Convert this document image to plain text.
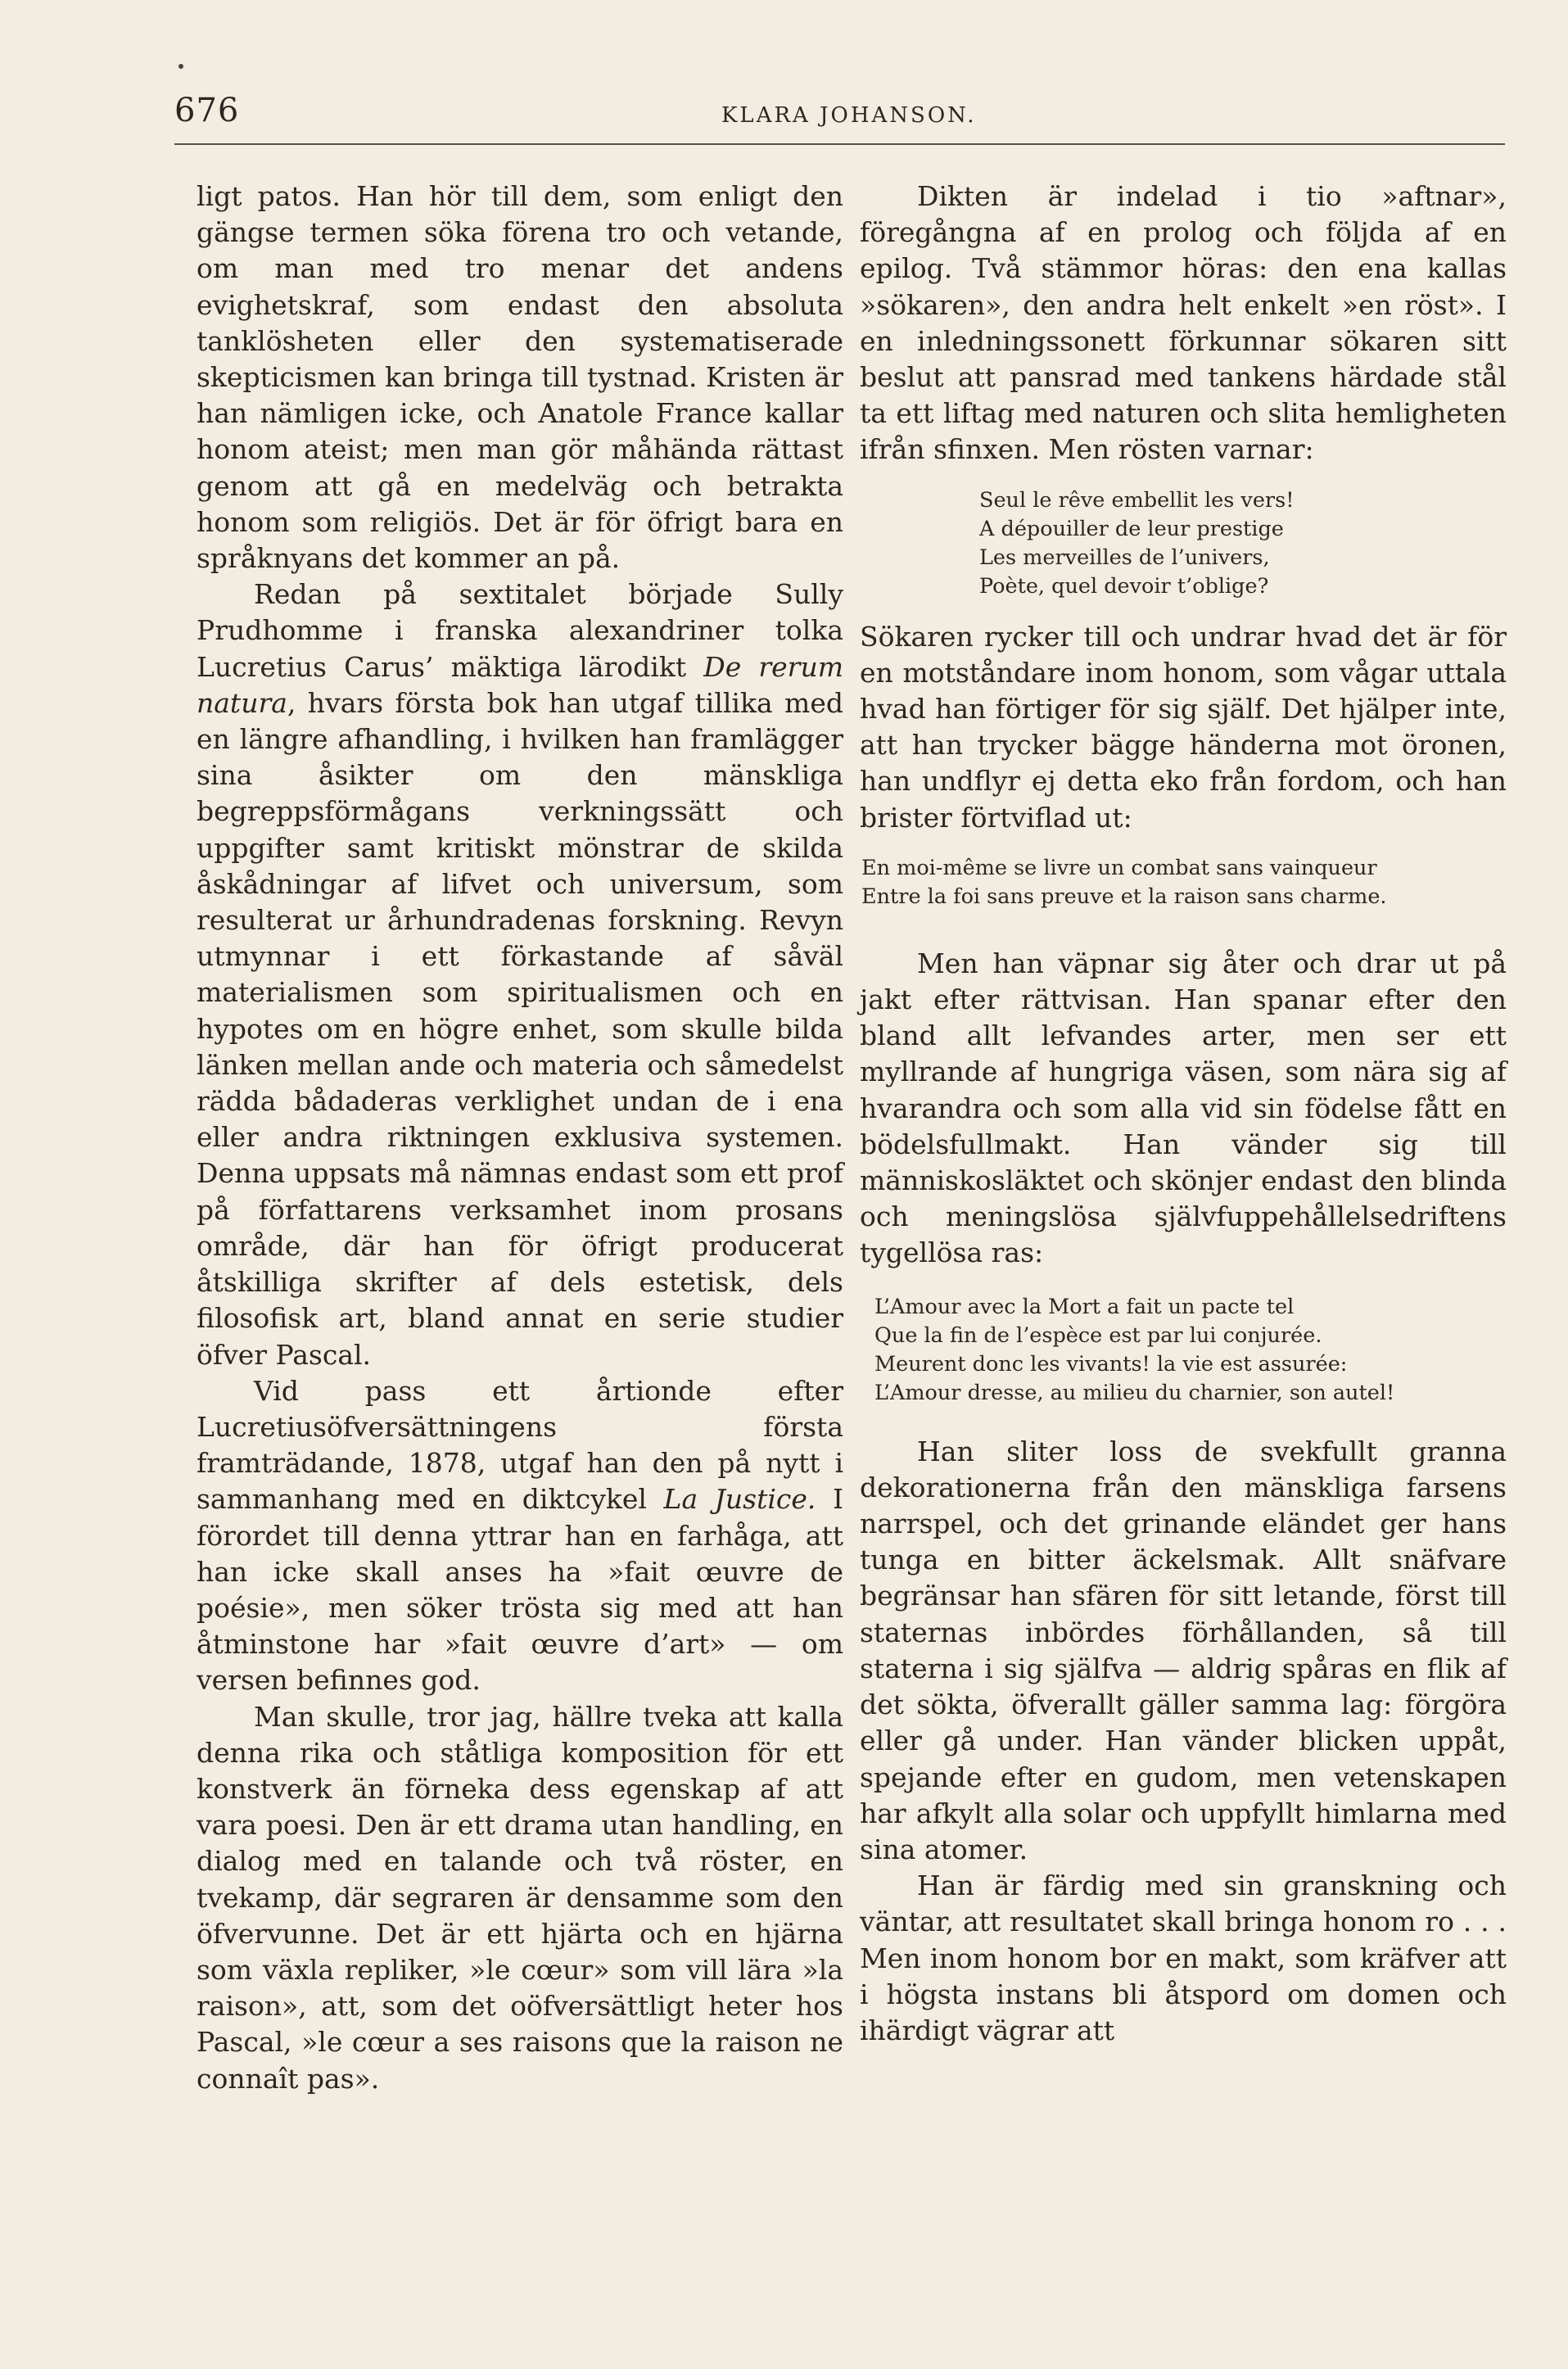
676	KLARA JOHANSON.

ligt patos. Han hör till dem, som enligt den gängse termen söka förena tro och vetande, om man med tro menar det andens evighetskraf, som endast den absoluta tanklösheten eller den systematiserade skepticismen kan bringa till tystnad. Kristen är han nämligen icke, och Anatole France kallar honom ateist; men man gör måhända rättast genom att gå en medelväg och betrakta honom som religiös. Det är för öfrigt bara en språknyans det kommer an på.

Redan på sextitalet började Sully Prudhomme i franska alexandriner tolka Lucretius Carus’ mäktiga lärodikt De rerum natura, hvars första bok han utgaf tillika med en längre afhandling, i hvilken han framlägger sina åsikter om den mänskliga begreppsförmågans verkningssätt och uppgifter samt kritiskt mönstrar de skilda åskådningar af lifvet och universum, som resulterat ur århundradenas forskning. Revyn utmynnar i ett förkastande af såväl materialismen som spiritualismen och en hypotes om en högre enhet, som skulle bilda länken mellan ande och materia och såmedelst rädda bådaderas verklighet undan de i ena eller andra riktningen exklusiva systemen. Denna uppsats må nämnas endast som ett prof på författarens verksamhet inom prosans område, där han för öfrigt producerat åtskilliga skrifter af dels estetisk, dels filosofisk art, bland annat en serie studier öfver Pascal.

Vid pass ett årtionde efter Lucretiusöfversättningens första framträdande, 1878, utgaf han den på nytt i sammanhang med en diktcykel La Justice. I förordet till denna yttrar han en farhåga, att han icke skall anses ha »fait œuvre de poésie», men söker trösta sig med att han åtminstone har »fait œuvre d’art» — om versen befinnes god.

Man skulle, tror jag, hällre tveka att kalla denna rika och ståtliga komposition för ett konstverk än förneka dess egenskap af att vara poesi. Den är ett drama utan handling, en dialog med en talande och två röster, en tvekamp, där segraren är densamme som den öfvervunne. Det är ett hjärta och en hjärna som växla repliker, »le cœur» som vill lära »la raison», att, som det oöfversättligt heter hos Pascal, »le cœur a ses raisons que la raison ne connaît pas».

Dikten är indelad i tio »aftnar», föregångna af en prolog och följda af en epilog. Två stämmor höras: den ena kallas »sökaren», den andra helt enkelt »en röst». I en inledningssonett förkunnar sökaren sitt beslut att pansrad med tankens härdade stål ta ett liftag med naturen och slita hemligheten ifrån sfinxen. Men rösten varnar:

Seul le rêve embellit les vers!
A dépouiller de leur prestige
Les merveilles de l’univers,
Poète, quel devoir t’oblige?

Sökaren rycker till och undrar hvad det är för en motståndare inom honom, som vågar uttala hvad han förtiger för sig själf. Det hjälper inte, att han trycker bägge händerna mot öronen, han undflyr ej detta eko från fordom, och han brister förtviflad ut:

En moi-même se livre un combat sans vainqueur
Entre la foi sans preuve et la raison sans charme.

Men han väpnar sig åter och drar ut på jakt efter rättvisan. Han spanar efter den bland allt lefvandes arter, men ser ett myllrande af hungriga väsen, som nära sig af hvarandra och som alla vid sin födelse fått en bödelsfullmakt. Han vänder sig till människosläktet och skönjer endast den blinda och meningslösa självfuppehållelsedriftens tygellösa ras:

L’Amour avec la Mort a fait un pacte tel
Que la fin de l’espèce est par lui conjurée.
Meurent donc les vivants! la vie est assurée:
L’Amour dresse, au milieu du charnier, son autel!

Han sliter loss de svekfullt granna dekorationerna från den mänskliga farsens narrspel, och det grinande eländet ger hans tunga en bitter äckelsmak. Allt snäfvare begränsar han sfären för sitt letande, först till staternas inbördes förhållanden, så till staterna i sig själfva — aldrig spåras en flik af det sökta, öfverallt gäller samma lag: förgöra eller gå under. Han vänder blicken uppåt, spejande efter en gudom, men vetenskapen har afkylt alla solar och uppfyllt himlarna med sina atomer.

Han är färdig med sin granskning och väntar, att resultatet skall bringa honom ro . . . Men inom honom bor en makt, som kräfver att i högsta instans bli åtspord om domen och ihärdigt vägrar att
